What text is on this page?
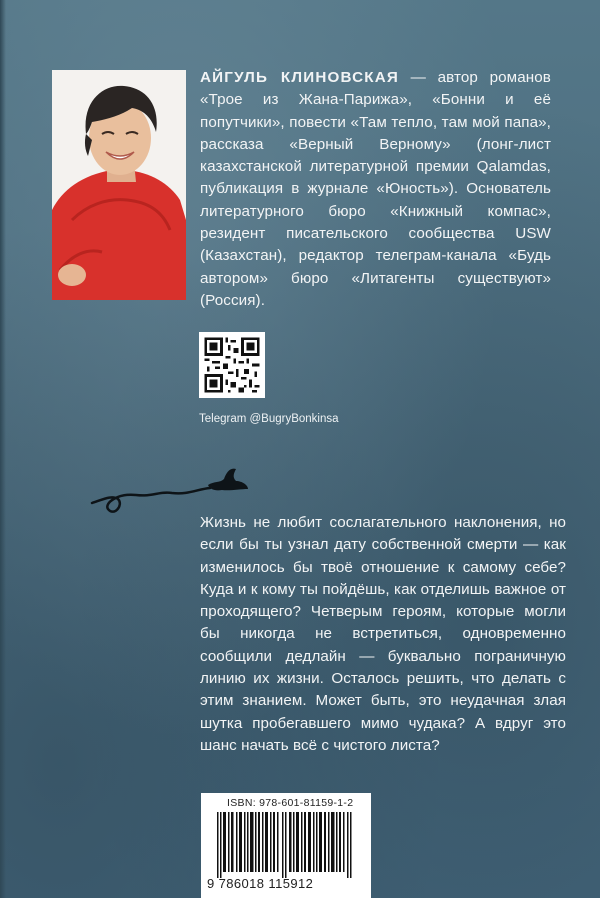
АЙГУЛЬ КЛИНОВСКАЯ — автор романов «Трое из Жана-Парижа», «Бонни и её попутчики», повести «Там тепло, там мой папа», рассказа «Верный Верному» (лонг-лист казахстанской литературной премии Qalamdas, публикация в журнале «Юность»). Основатель литературного бюро «Книжный компас», резидент писательского сообщества USW (Казахстан), редактор телеграм-канала «Будь автором» бюро «Литагенты существуют» (Россия).

Telegram @BugryBonkinsa

Жизнь не любит сослагательного наклонения, но если бы ты узнал дату собственной смерти — как изменилось бы твоё отношение к самому себе? Куда и к кому ты пойдёшь, как отделишь важное от проходящего? Четверым героям, которые могли бы никогда не встретиться, одновременно сообщили дедлайн — буквально пограничную линию их жизни. Осталось решить, что делать с этим знанием. Может быть, это неудачная злая шутка пробегавшего мимо чудака? А вдруг это шанс начать всё с чистого листа?

ISBN: 978-601-81159-1-2

9 786018 115912
